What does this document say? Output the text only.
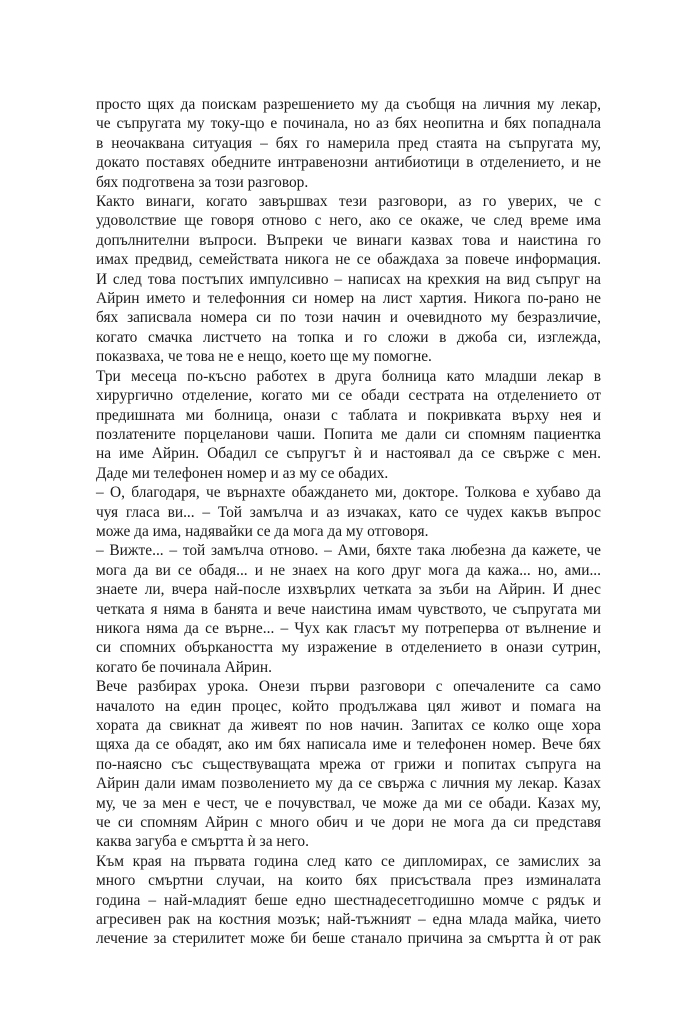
просто щях да поискам разрешението му да съобщя на личния му лекар,
че съпругата му току-що е починала, но аз бях неопитна и бях попаднала
в неочаквана ситуация – бях го намерила пред стаята на съпругата му,
докато поставях обедните интравенозни антибиотици в отделението, и не
бях подготвена за този разговор.
Както винаги, когато завършвах тези разговори, аз го уверих, че с
удоволствие ще говоря отново с него, ако се окаже, че след време има
допълнителни въпроси. Въпреки че винаги казвах това и наистина го
имах предвид, семействата никога не се обаждаха за повече информация.
И след това постъпих импулсивно – написах на крехкия на вид съпруг на
Айрин името и телефонния си номер на лист хартия. Никога по-рано не
бях записвала номера си по този начин и очевидното му безразличие,
когато смачка листчето на топка и го сложи в джоба си, изглежда,
показваха, че това не е нещо, което ще му помогне.
Три месеца по-късно работех в друга болница като младши лекар в
хирургично отделение, когато ми се обади сестрата на отделението от
предишната ми болница, онази с таблата и покривката върху нея и
позлатените порцеланови чаши. Попита ме дали си спомням пациентка
на име Айрин. Обадил се съпругът ѝ и настоявал да се свърже с мен.
Даде ми телефонен номер и аз му се обадих.
– О, благодаря, че върнахте обаждането ми, докторе. Толкова е хубаво да
чуя гласа ви... – Той замълча и аз изчаках, като се чудех какъв въпрос
може да има, надявайки се да мога да му отговоря.
– Вижте... – той замълча отново. – Ами, бяхте така любезна да кажете, че
мога да ви се обадя... и не знаех на кого друг мога да кажа... но, ами...
знаете ли, вчера най-после изхвърлих четката за зъби на Айрин. И днес
четката я няма в банята и вече наистина имам чувството, че съпругата ми
никога няма да се върне... – Чух как гласът му потреперва от вълнение и
си спомних объркаността му изражение в отделението в онази сутрин,
когато бе починала Айрин.
Вече разбирах урока. Онези първи разговори с опечалените са само
началото на един процес, който продължава цял живот и помага на
хората да свикнат да живеят по нов начин. Запитах се колко още хора
щяха да се обадят, ако им бях написала име и телефонен номер. Вече бях
по-наясно със съществуващата мрежа от грижи и попитах съпруга на
Айрин дали имам позволението му да се свържа с личния му лекар. Казах
му, че за мен е чест, че е почувствал, че може да ми се обади. Казах му,
че си спомням Айрин с много обич и че дори не мога да си представя
каква загуба е смъртта ѝ за него.
Към края на първата година след като се дипломирах, се замислих за
много смъртни случаи, на които бях присъствала през изминалата
година – най-младият беше едно шестнадесетгодишно момче с рядък и
агресивен рак на костния мозък; най-тъжният – една млада майка, чието
лечение за стерилитет може би беше станало причина за смъртта ѝ от рак
